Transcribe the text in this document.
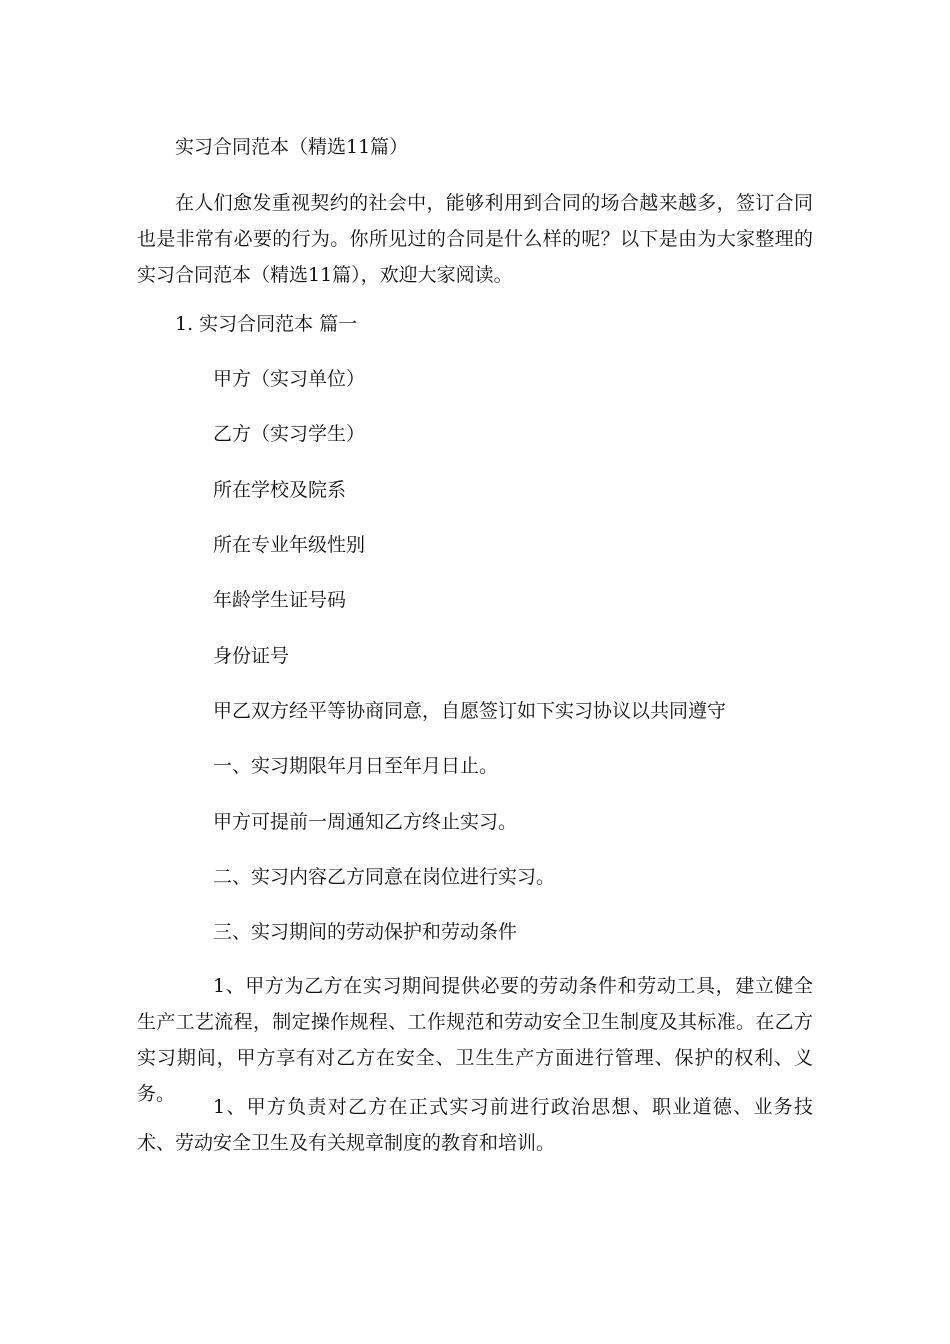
实习合同范本（精选11篇）

在人们愈发重视契约的社会中，能够利用到合同的场合越来越多，签订合同也是非常有必要的行为。你所见过的合同是什么样的呢？以下是由为大家整理的实习合同范本（精选11篇），欢迎大家阅读。

1. 实习合同范本 篇一

甲方（实习单位）

乙方（实习学生）

所在学校及院系

所在专业年级性别

年龄学生证号码

身份证号

甲乙双方经平等协商同意，自愿签订如下实习协议以共同遵守

一、实习期限年月日至年月日止。

甲方可提前一周通知乙方终止实习。

二、实习内容乙方同意在岗位进行实习。

三、实习期间的劳动保护和劳动条件

1、甲方为乙方在实习期间提供必要的劳动条件和劳动工具，建立健全生产工艺流程，制定操作规程、工作规范和劳动安全卫生制度及其标准。在乙方实习期间，甲方享有对乙方在安全、卫生生产方面进行管理、保护的权利、义务。

1、甲方负责对乙方在正式实习前进行政治思想、职业道德、业务技术、劳动安全卫生及有关规章制度的教育和培训。
